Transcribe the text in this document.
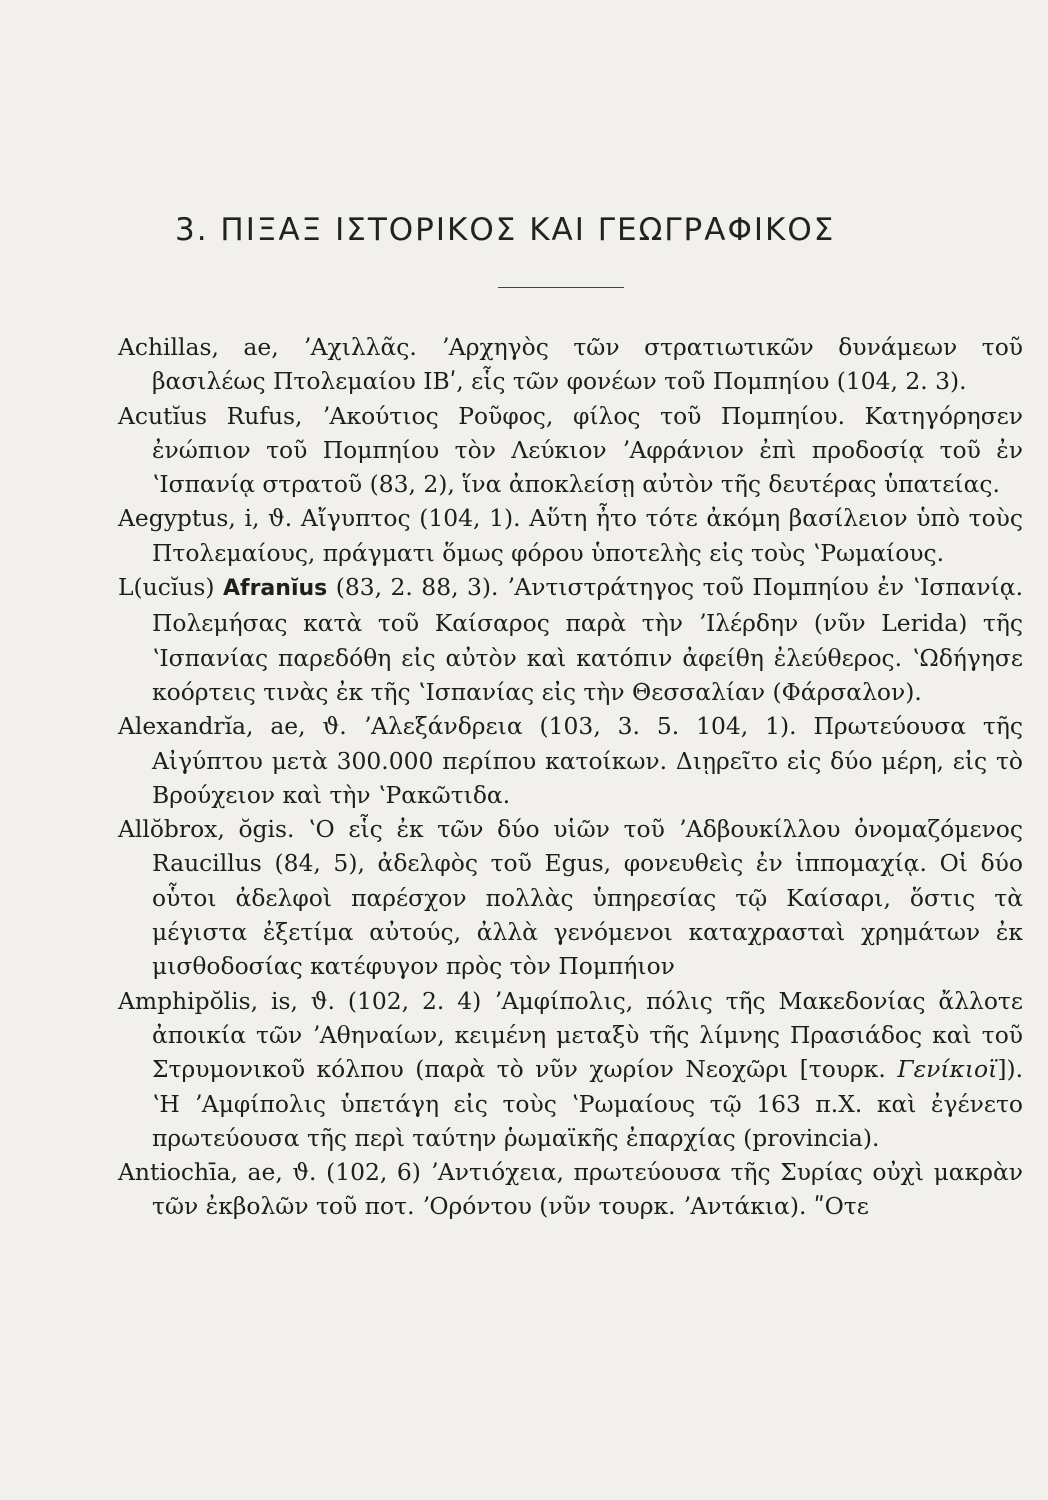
3. ΠΙΞΑΞ ΙΣΤΟΡΙΚΟΣ ΚΑΙ ΓΕΩΓΡΑΦΙΚΟΣ

Achillas, ae, ʼΑχιλλᾶς. ʼΑρχηγὸς τῶν στρατιωτικῶν δυνάμεων τοῦ βασιλέως Πτολεμαίου ΙΒʹ, εἷς τῶν φονέων τοῦ Πομπηίου (104, 2. 3).

Acutĭus Rufus, ʼΑκούτιος Ροῦφος, φίλος τοῦ Πομπηίου. Κατηγόρησεν ἐνώπιον τοῦ Πομπηίου τὸν Λεύκιον ʼΑφράνιον ἐπὶ προδοσίᾳ τοῦ ἐν ʽΙσπανίᾳ στρατοῦ (83, 2), ἵνα ἀποκλείσῃ αὐτὸν τῆς δευτέρας ὑπατείας.

Aegyptus, i, ϑ. Αἴγυπτος (104, 1). Αὕτη ἦτο τότε ἀκόμη βασίλειον ὑπὸ τοὺς Πτολεμαίους, πράγματι ὅμως φόρου ὑποτελὴς εἰς τοὺς ʽΡωμαίους.

L(ucĭus) Afranĭus (83, 2. 88, 3). ʼΑντιστράτηγος τοῦ Πομπηίου ἐν ʽΙσπανίᾳ. Πολεμήσας κατὰ τοῦ Καίσαρος παρὰ τὴν ʼΙλέρδην (νῦν Lerida) τῆς ʽΙσπανίας παρεδόθη εἰς αὐτὸν καὶ κατόπιν ἀφείθη ἐλεύθερος. ʽΩδήγησε κοόρτεις τινὰς ἐκ τῆς ʽΙσπανίας εἰς τὴν Θεσσαλίαν (Φάρσαλον).

Alexandrĭa, ae, ϑ. ʼΑλεξάνδρεια (103, 3. 5. 104, 1). Πρωτεύουσα τῆς Αἰγύπτου μετὰ 300.000 περίπου κατοίκων. Διῃρεῖτο εἰς δύο μέρη, εἰς τὸ Βρούχειον καὶ τὴν ʽΡακῶτιδα.

Allŏbrox, ŏgis. ʽΟ εἷς ἐκ τῶν δύο υἱῶν τοῦ ʼΑδβουκίλλου ὀνομαζόμενος Raucillus (84, 5), ἀδελφὸς τοῦ Egus, φονευθεὶς ἐν ἱππομαχίᾳ. Οἱ δύο οὗτοι ἀδελφοὶ παρέσχον πολλὰς ὑπηρεσίας τῷ Καίσαρι, ὅστις τὰ μέγιστα ἐξετίμα αὐτούς, ἀλλὰ γενόμενοι καταχρασταὶ χρημάτων ἐκ μισθοδοσίας κατέφυγον πρὸς τὸν Πομπήιον

Amphipŏlis, is, ϑ. (102, 2. 4) ʼΑμφίπολις, πόλις τῆς Μακεδονίας ἄλλοτε ἀποικία τῶν ʼΑθηναίων, κειμένη μεταξὺ τῆς λίμνης Πρασιάδος καὶ τοῦ Στρυμονικοῦ κόλπου (παρὰ τὸ νῦν χωρίον Νεοχῶρι [τουρκ. Γενίκιοϊ]). ʽΗ ʼΑμφίπολις ὑπετάγη εἰς τοὺς ʽΡωμαίους τῷ 163 π.Χ. καὶ ἐγένετο πρωτεύουσα τῆς περὶ ταύτην ῥωμαϊκῆς ἐπαρχίας (provincia).

Antiochīa, ae, ϑ. (102, 6) ʼΑντιόχεια, πρωτεύουσα τῆς Συρίας οὐχὶ μακρὰν τῶν ἐκβολῶν τοῦ ποτ. ʼΟρόντου (νῦν τουρκ. ʼΑντάκια). ʺΟτε
